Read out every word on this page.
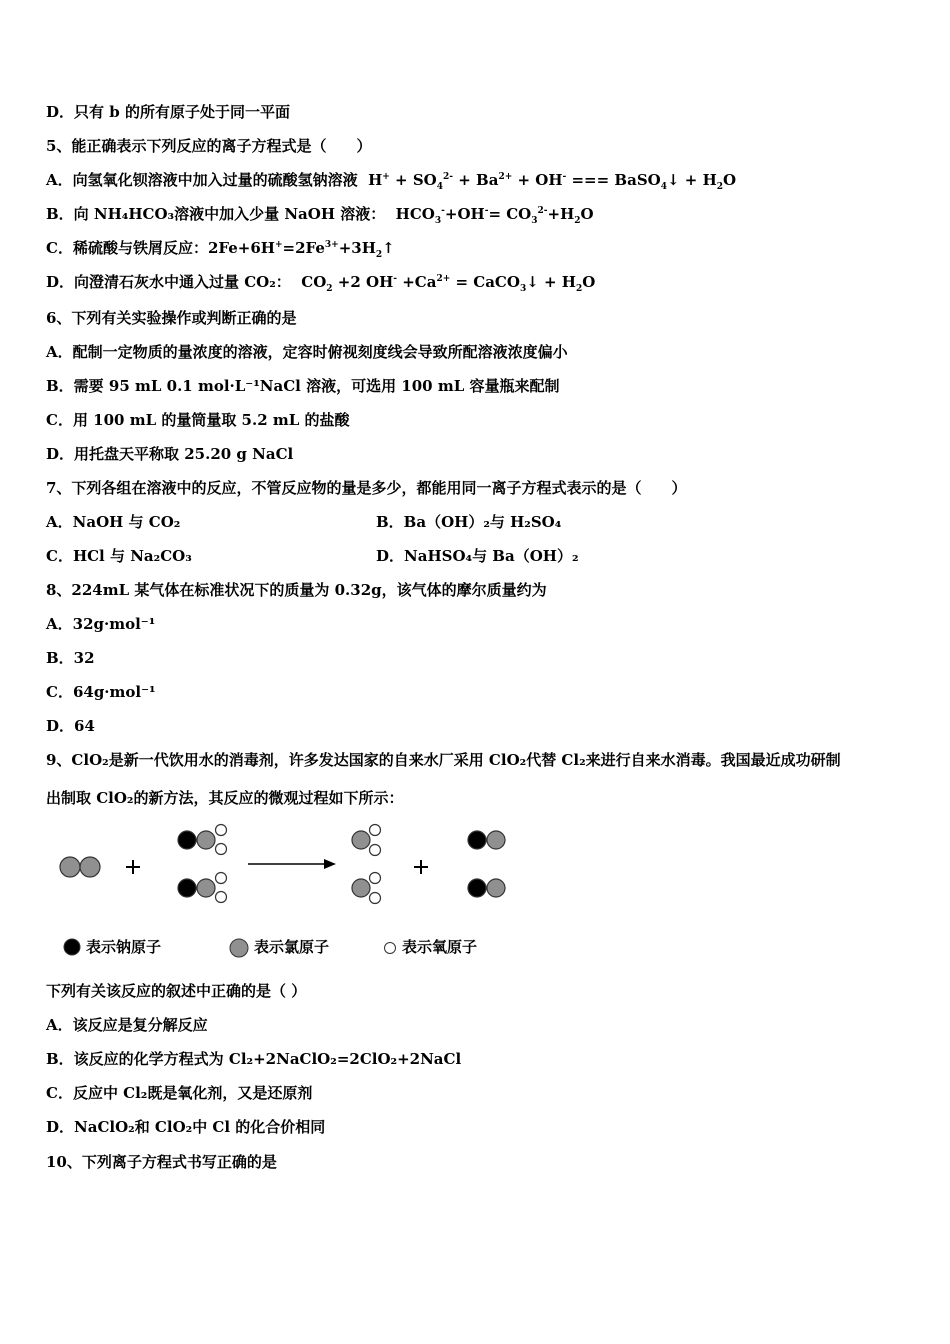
D．只有 b 的所有原子处于同一平面
5、能正确表示下列反应的离子方程式是（　　）
A．向氢氧化钡溶液中加入过量的硫酸氢钠溶液 $H^+ + SO_4^{2-} + Ba^{2+} + OH^-$ === BaSO$_4$↓ + $H_2O$
B．向 NH₄HCO₃溶液中加入少量 NaOH 溶液： $HCO_3^-+OH^-= CO_3^{2-}+H_2O$
C．稀硫酸与铁屑反应：$2Fe+6H^+=2Fe^{3+}+3H_2↑$
D．向澄清石灰水中通入过量 CO₂： $CO_2 +2$ $OH^- +Ca^{2+}$ = CaCO$_3$↓ + $H_2O$
6、下列有关实验操作或判断正确的是
A．配制一定物质的量浓度的溶液，定容时俯视刻度线会导致所配溶液浓度偏小
B．需要 95 mL 0.1 mol·L⁻¹NaCl 溶液，可选用 100 mL 容量瓶来配制
C．用 100 mL 的量筒量取 5.2 mL 的盐酸
D．用托盘天平称取 25.20 g NaCl
7、下列各组在溶液中的反应，不管反应物的量是多少，都能用同一离子方程式表示的是（　　）
A．NaOH 与 CO₂	B．Ba（OH）₂与 H₂SO₄
C．HCl 与 Na₂CO₃	D．NaHSO₄与 Ba（OH）₂
8、224mL 某气体在标准状况下的质量为 0.32g，该气体的摩尔质量约为
A．32g·mol⁻¹
B．32
C．64g·mol⁻¹
D．64
9、ClO₂是新一代饮用水的消毒剂，许多发达国家的自来水厂采用 ClO₂代替 Cl₂来进行自来水消毒。我国最近成功研制
出制取 ClO₂的新方法，其反应的微观过程如下所示：
表示钠原子	表示氯原子	表示氧原子
下列有关该反应的叙述中正确的是（ ）
A．该反应是复分解反应
B．该反应的化学方程式为 Cl₂+2NaClO₂=2ClO₂+2NaCl
C．反应中 Cl₂既是氧化剂，又是还原剂
D．NaClO₂和 ClO₂中 Cl 的化合价相同
10、下列离子方程式书写正确的是
